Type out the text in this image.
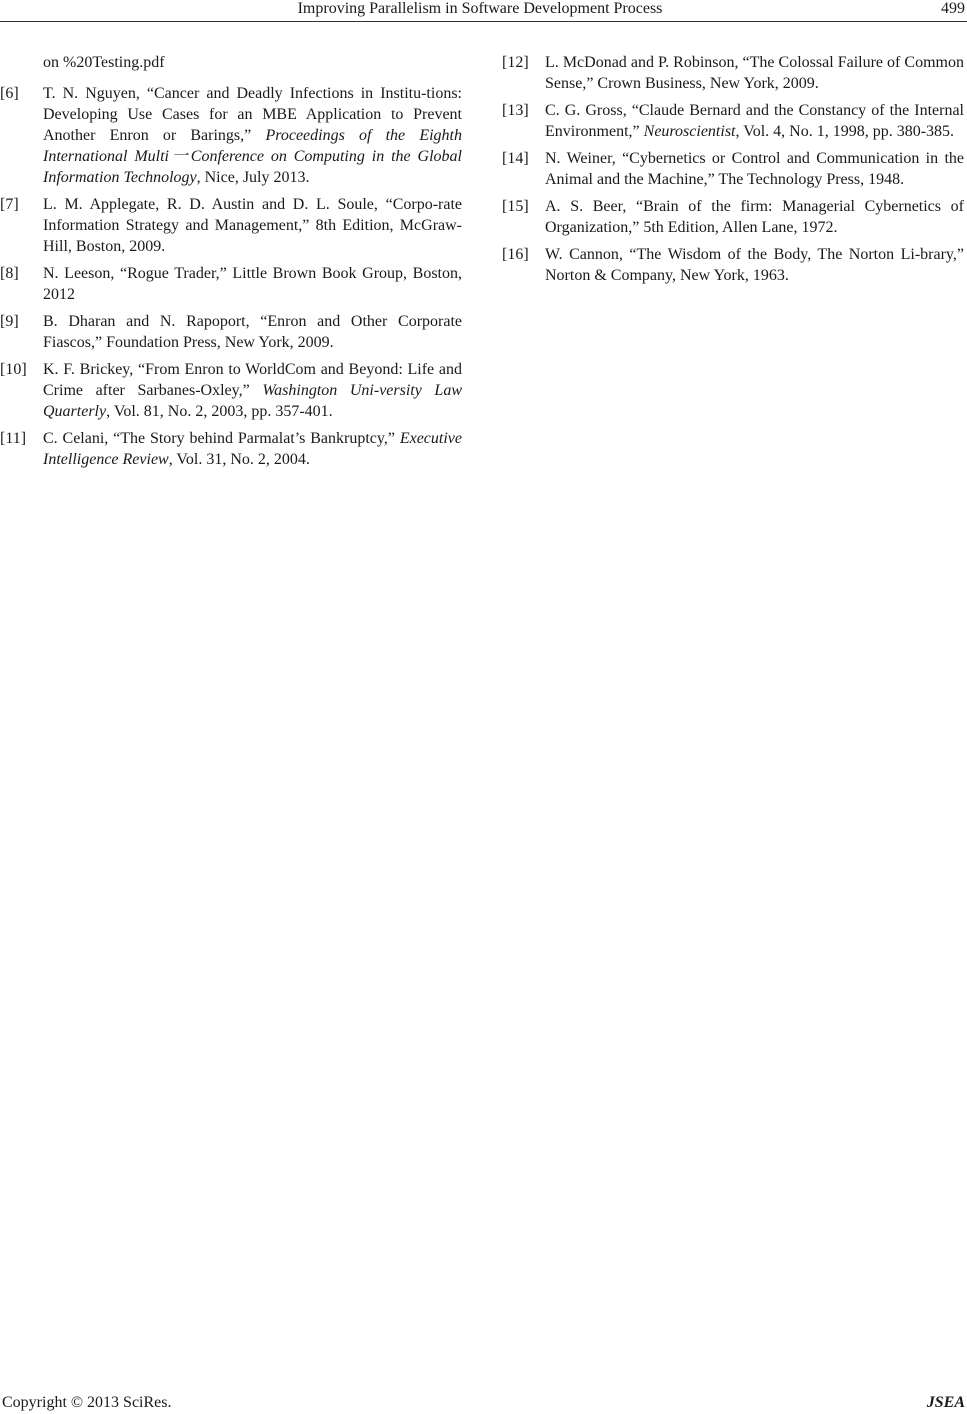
Improving Parallelism in Software Development Process	499
on %20Testing.pdf
[6]	T. N. Nguyen, “Cancer and Deadly Infections in Institu-tions: Developing Use Cases for an MBE Application to Prevent Another Enron or Barings,” Proceedings of the Eighth International Multi一Conference on Computing in the Global Information Technology, Nice, July 2013.
[7]	L. M. Applegate, R. D. Austin and D. L. Soule, “Corpo-rate Information Strategy and Management,” 8th Edition, McGraw-Hill, Boston, 2009.
[8]	N. Leeson, “Rogue Trader,” Little Brown Book Group, Boston, 2012
[9]	B. Dharan and N. Rapoport, “Enron and Other Corporate Fiascos,” Foundation Press, New York, 2009.
[10]	K. F. Brickey, “From Enron to WorldCom and Beyond: Life and Crime after Sarbanes-Oxley,” Washington Uni-versity Law Quarterly, Vol. 81, No. 2, 2003, pp. 357-401.
[11]	C. Celani, “The Story behind Parmalat’s Bankruptcy,” Executive Intelligence Review, Vol. 31, No. 2, 2004.
[12]	L. McDonad and P. Robinson, “The Colossal Failure of Common Sense,” Crown Business, New York, 2009.
[13]	C. G. Gross, “Claude Bernard and the Constancy of the Internal Environment,” Neuroscientist, Vol. 4, No. 1, 1998, pp. 380-385.
[14]	N. Weiner, “Cybernetics or Control and Communication in the Animal and the Machine,” The Technology Press, 1948.
[15]	A. S. Beer, “Brain of the firm: Managerial Cybernetics of Organization,” 5th Edition, Allen Lane, 1972.
[16]	W. Cannon, “The Wisdom of the Body, The Norton Li-brary,” Norton & Company, New York, 1963.
Copyright © 2013 SciRes.	JSEA
